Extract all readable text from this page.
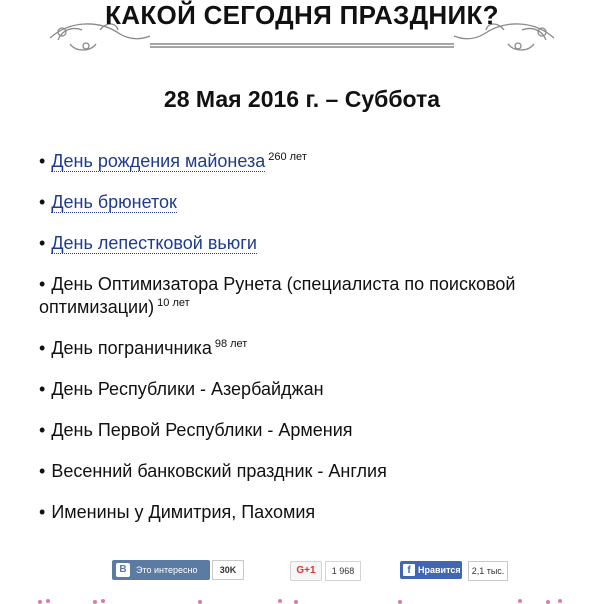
КАКОЙ СЕГОДНЯ ПРАЗДНИК?
28 Мая 2016 г. – Суббота
• День рождения майонеза $^{260 лет}$
• День брюнеток
• День лепестковой вьюги
• День Оптимизатора Рунета (специалиста по поисковой оптимизации) $^{10 лет}$
• День пограничника $^{98 лет}$
• День Республики - Азербайджан
• День Первой Республики - Армения
• Весенний банковский праздник - Англия
• Именины у Димитрия, Пахомия
B	Это интересно	30K	G+1	1 968	f Нравится	2,1 тыс.
